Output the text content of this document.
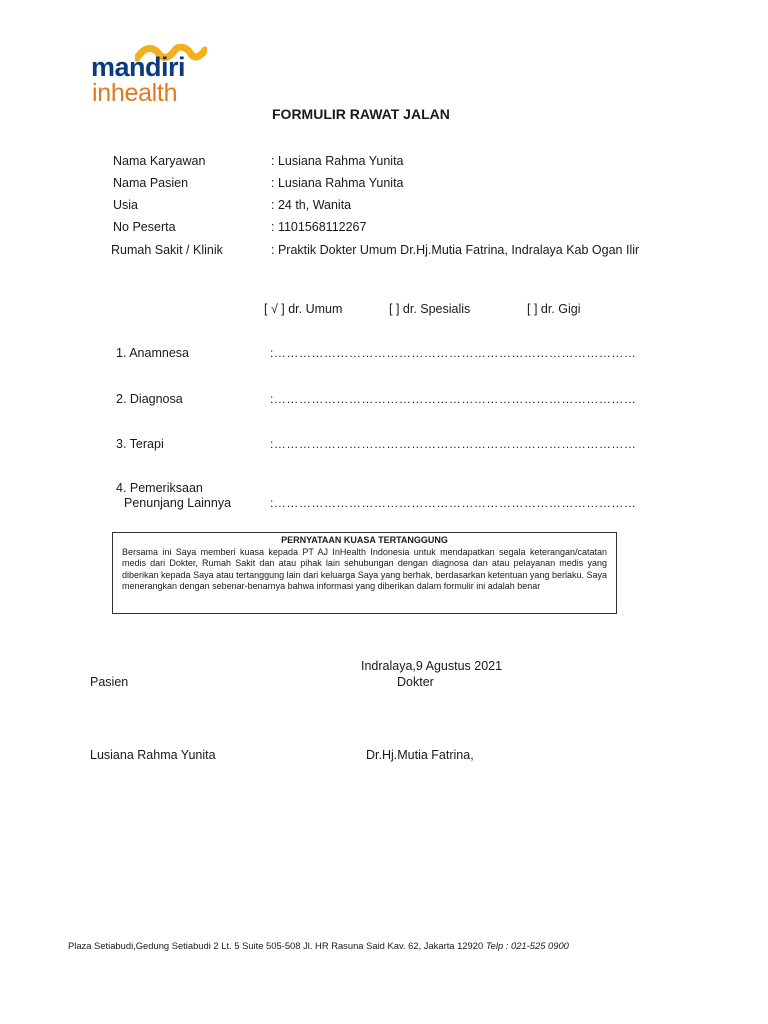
mandiri
inhealth
FORMULIR RAWAT JALAN
Nama Karyawan	: Lusiana Rahma Yunita
Nama Pasien	: Lusiana Rahma Yunita
Usia	: 24 th, Wanita
No Peserta	: 1101568112267
Rumah Sakit / Klinik	: Praktik Dokter Umum Dr.Hj.Mutia Fatrina, Indralaya Kab Ogan Ilir
[ √ ] dr. Umum	[ ] dr. Spesialis	[ ] dr. Gigi
1. Anamnesa	:……………………………………………………………………………
2. Diagnosa	:……………………………………………………………………………
3. Terapi	:……………………………………………………………………………
4. Pemeriksaan
Penunjang Lainnya	:……………………………………………………………………………
PERNYATAAN KUASA TERTANGGUNG
Bersama ini Saya memberi kuasa kepada PT AJ InHealth Indonesia untuk mendapatkan segala keterangan/catatan medis dari Dokter, Rumah Sakit dan atau pihak lain sehubungan dengan diagnosa dan atau pelayanan medis yang diberikan kepada Saya atau tertanggung lain dari keluarga Saya yang berhak, berdasarkan ketentuan yang berlaku. Saya menerangkan dengan sebenar-benarnya bahwa informasi yang diberikan dalam formulir ini adalah benar
Indralaya,9 Agustus 2021
Pasien	Dokter
Lusiana Rahma Yunita	Dr.Hj.Mutia Fatrina,
Plaza Setiabudi,Gedung Setiabudi 2 Lt. 5 Suite 505-508 Jl. HR Rasuna Said Kav. 62, Jakarta 12920 Telp : 021-525 0900
